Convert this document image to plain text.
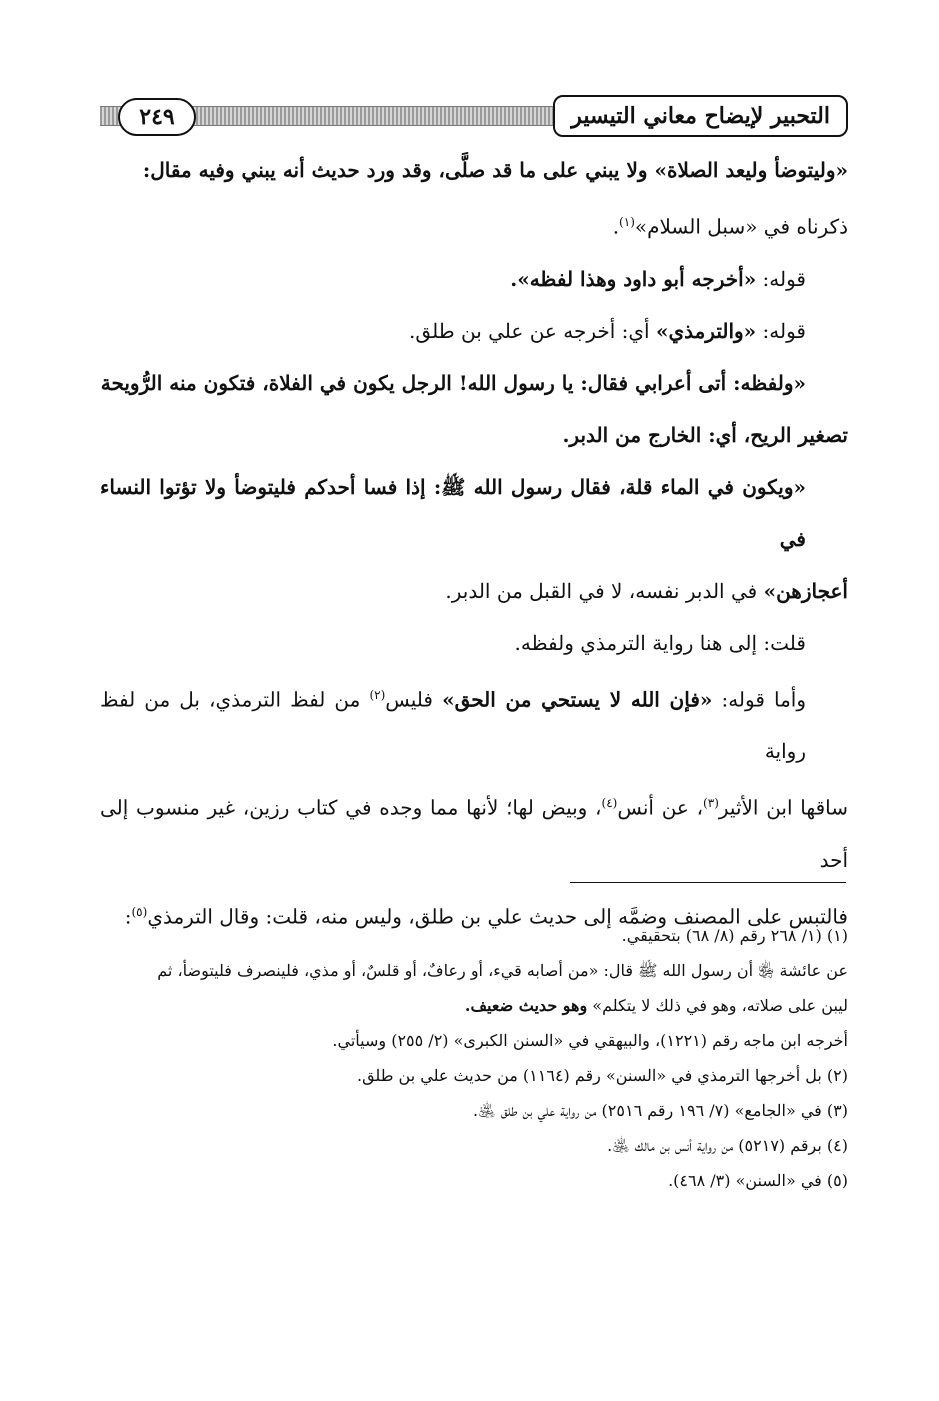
٢٤٩	التحبير لإيضاح معاني التيسير

«وليتوضأ وليعد الصلاة» ولا يبني على ما قد صلَّى، وقد ورد حديث أنه يبني وفيه مقال:

ذكرناه في «سبل السلام»$^{(١)}$.

قوله: «أخرجه أبو داود وهذا لفظه».

قوله: «والترمذي» أي: أخرجه عن علي بن طلق.

«ولفظه: أتى أعرابي فقال: يا رسول الله! الرجل يكون في الفلاة، فتكون منه الرُّويحة

تصغير الريح، أي: الخارج من الدبر.

«ويكون في الماء قلة، فقال رسول الله ﷺ: إذا فسا أحدكم فليتوضأ ولا تؤتوا النساء في

أعجازهن» في الدبر نفسه، لا في القبل من الدبر.

قلت: إلى هنا رواية الترمذي ولفظه.

وأما قوله: «فإن الله لا يستحي من الحق» فليس$^{(٢)}$ من لفظ الترمذي، بل من لفظ رواية

ساقها ابن الأثير$^{(٣)}$، عن أنس$^{(٤)}$، وبيض لها؛ لأنها مما وجده في كتاب رزين، غير منسوب إلى أحد

فالتبس على المصنف وضمَّه إلى حديث علي بن طلق، وليس منه، قلت: وقال الترمذي$^{(٥)}$:

(١) (١/ ٢٦٨ رقم (٨/ ٦٨) بتحقيقي.

عن عائشة ﵂ أن رسول الله ﷺ قال: «من أصابه قيء، أو رعافٌ، أو قلسٌ، أو مذي، فلينصرف فليتوضأ، ثم

ليبن على صلاته، وهو في ذلك لا يتكلم» وهو حديث ضعيف.

أخرجه ابن ماجه رقم (١٢٢١)، والبيهقي في «السنن الكبرى» (٢/ ٢٥٥) وسيأتي.

(٢) بل أخرجها الترمذي في «السنن» رقم (١١٦٤) من حديث علي بن طلق.

(٣) في «الجامع» (٧/ ١٩٦ رقم ٢٥١٦) من رواية علي بن طلق ﵁.

(٤) برقم (٥٢١٧) من رواية أنس بن مالك ﵁.

(٥) في «السنن» (٣/ ٤٦٨).
